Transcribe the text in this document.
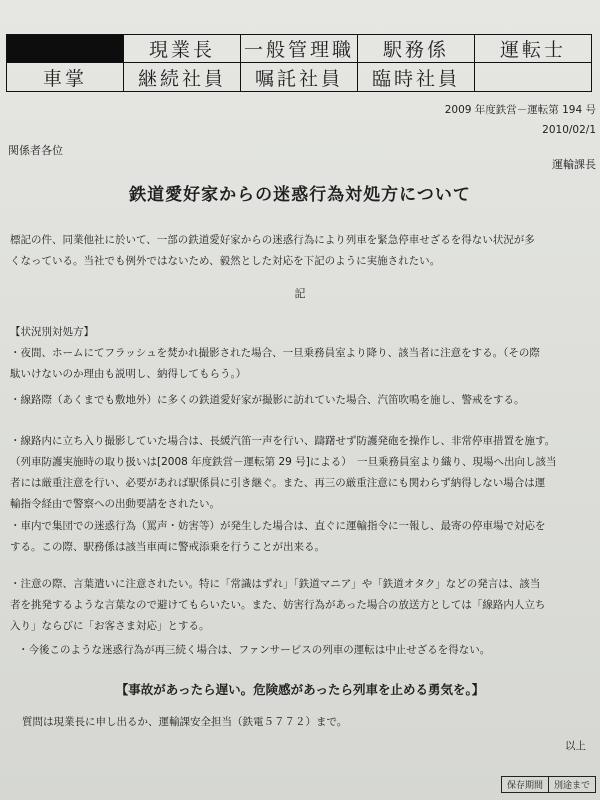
	現業長	一般管理職	駅務係	運転士
車掌	継続社員	嘱託社員	臨時社員	
2009 年度鉄営－運転第 194 号
2010/02/1
関係者各位
運輸課長
鉄道愛好家からの迷惑行為対処方について
標記の件、同業他社に於いて、一部の鉄道愛好家からの迷惑行為により列車を緊急停車せざるを得ない状況が多
くなっている。当社でも例外ではないため、毅然とした対応を下記のように実施されたい。
記
【状況別対処方】
・夜間、ホームにてフラッシュを焚かれ撮影された場合、一旦乗務員室より降り、該当者に注意をする。（その際
駄いけないのか理由も説明し、納得してもらう。）
・線路際（あくまでも敷地外）に多くの鉄道愛好家が撮影に訪れていた場合、汽笛吹鳴を施し、警戒をする。
・線路内に立ち入り撮影していた場合は、長緩汽笛一声を行い、躊躇せず防護発砲を操作し、非常停車措置を施す。
（列車防護実施時の取り扱いは[2008 年度鉄営－運転第 29 号]による）　一旦乗務員室より織り、現場へ出向し該当
者には厳重注意を行い、必要があれば駅係員に引き継ぐ。また、再三の厳重注意にも関わらず納得しない場合は運
輸指令経由で警察への出動要請をされたい。
・車内で集団での迷惑行為（罵声・妨害等）が発生した場合は、直ぐに運輸指令に一報し、最寄の停車場で対応を
する。この際、駅務係は該当車両に警戒添乗を行うことが出来る。
・注意の際、言葉遣いに注意されたい。特に「常識はずれ」「鉄道マニア」や「鉄道オタク」などの発言は、該当
者を挑発するような言葉なので避けてもらいたい。また、妨害行為があった場合の放送方としては「線路内人立ち
入り」ならびに「お客さま対応」とする。
・今後このような迷惑行為が再三続く場合は、ファンサービスの列車の運転は中止せざるを得ない。
【事故があったら遅い。危険感があったら列車を止める勇気を。】
質問は現業長に申し出るか、運輸課安全担当（鉄電５７７２）まで。
以上
保存期間	別途まで
